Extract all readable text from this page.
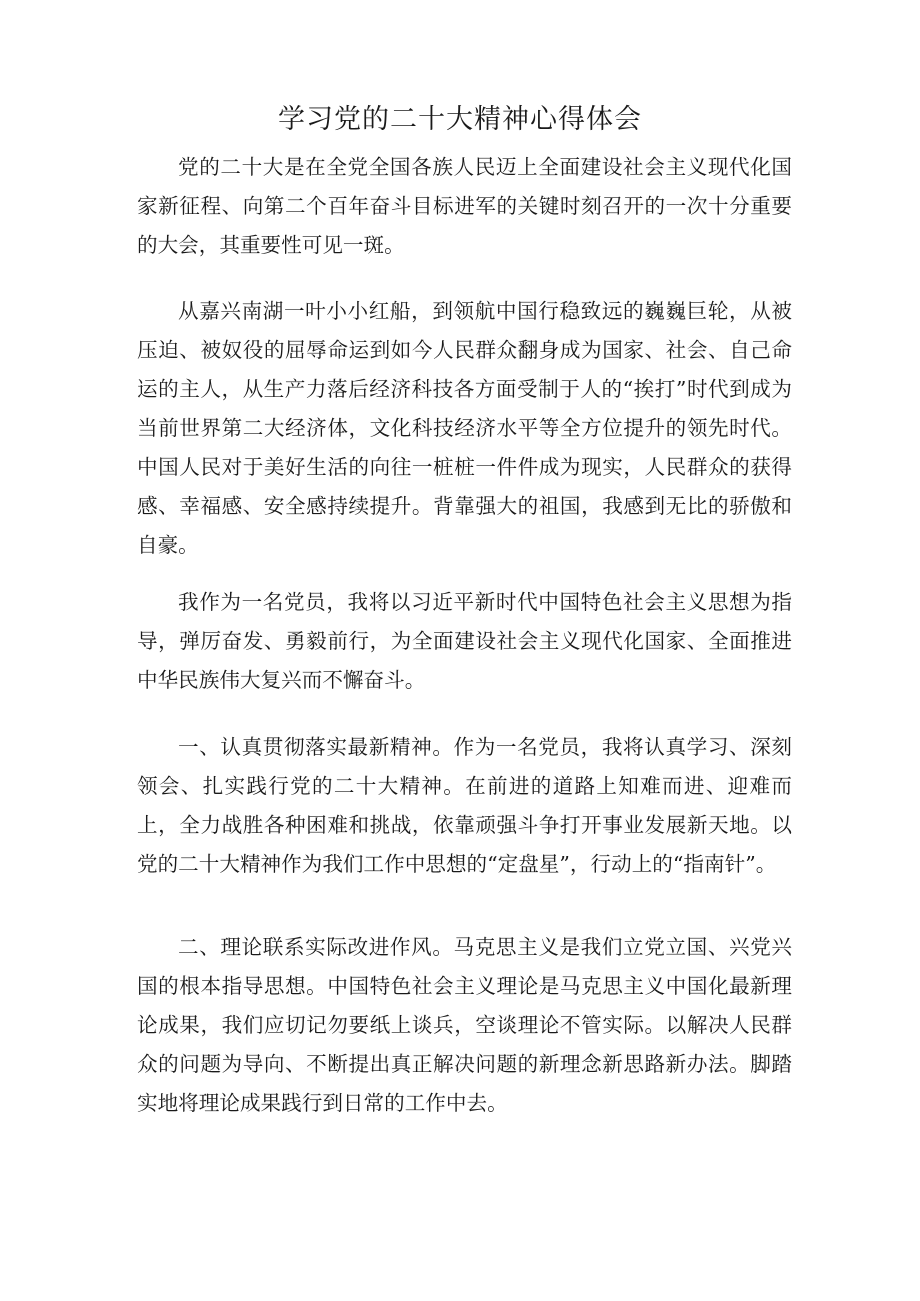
学习党的二十大精神心得体会

党的二十大是在全党全国各族人民迈上全面建设社会主义现代化国家新征程、向第二个百年奋斗目标进军的关键时刻召开的一次十分重要的大会，其重要性可见一斑。

从嘉兴南湖一叶小小红船，到领航中国行稳致远的巍巍巨轮，从被压迫、被奴役的屈辱命运到如今人民群众翻身成为国家、社会、自己命运的主人，从生产力落后经济科技各方面受制于人的“挨打”时代到成为当前世界第二大经济体，文化科技经济水平等全方位提升的领先时代。中国人民对于美好生活的向往一桩桩一件件成为现实，人民群众的获得感、幸福感、安全感持续提升。背靠强大的祖国，我感到无比的骄傲和自豪。

我作为一名党员，我将以习近平新时代中国特色社会主义思想为指导，弹厉奋发、勇毅前行，为全面建设社会主义现代化国家、全面推进中华民族伟大复兴而不懈奋斗。

一、认真贯彻落实最新精神。作为一名党员，我将认真学习、深刻领会、扎实践行党的二十大精神。在前进的道路上知难而进、迎难而上，全力战胜各种困难和挑战，依靠顽强斗争打开事业发展新天地。以党的二十大精神作为我们工作中思想的“定盘星”，行动上的“指南针”。

二、理论联系实际改进作风。马克思主义是我们立党立国、兴党兴国的根本指导思想。中国特色社会主义理论是马克思主义中国化最新理论成果，我们应切记勿要纸上谈兵，空谈理论不管实际。以解决人民群众的问题为导向、不断提出真正解决问题的新理念新思路新办法。脚踏实地将理论成果践行到日常的工作中去。
